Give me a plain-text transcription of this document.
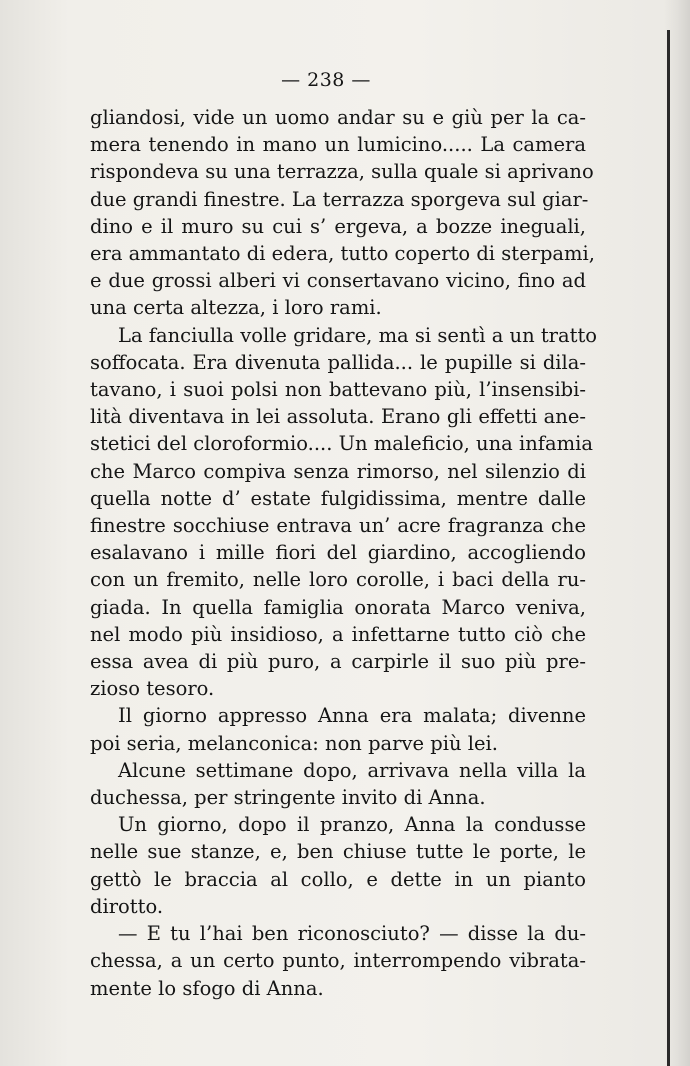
— 238 —
gliandosi, vide un uomo andar su e giù per la ca-
mera tenendo in mano un lumicino..... La camera
rispondeva su una terrazza, sulla quale si aprivano
due grandi finestre. La terrazza sporgeva sul giar-
dino e il muro su cui s’ ergeva, a bozze ineguali,
era ammantato di edera, tutto coperto di sterpami,
e due grossi alberi vi consertavano vicino, fino ad
una certa altezza, i loro rami.
La fanciulla volle gridare, ma si sentì a un tratto
soffocata. Era divenuta pallida... le pupille si dila-
tavano, i suoi polsi non battevano più, l’insensibi-
lità diventava in lei assoluta. Erano gli effetti ane-
stetici del cloroformio.... Un maleficio, una infamia
che Marco compiva senza rimorso, nel silenzio di
quella notte d’ estate fulgidissima, mentre dalle
finestre socchiuse entrava un’ acre fragranza che
esalavano i mille fiori del giardino, accogliendo
con un fremito, nelle loro corolle, i baci della ru-
giada. In quella famiglia onorata Marco veniva,
nel modo più insidioso, a infettarne tutto ciò che
essa avea di più puro, a carpirle il suo più pre-
zioso tesoro.
Il giorno appresso Anna era malata; divenne
poi seria, melanconica: non parve più lei.
Alcune settimane dopo, arrivava nella villa la
duchessa, per stringente invito di Anna.
Un giorno, dopo il pranzo, Anna la condusse
nelle sue stanze, e, ben chiuse tutte le porte, le
gettò le braccia al collo, e dette in un pianto
dirotto.
— E tu l’hai ben riconosciuto? — disse la du-
chessa, a un certo punto, interrompendo vibrata-
mente lo sfogo di Anna.
